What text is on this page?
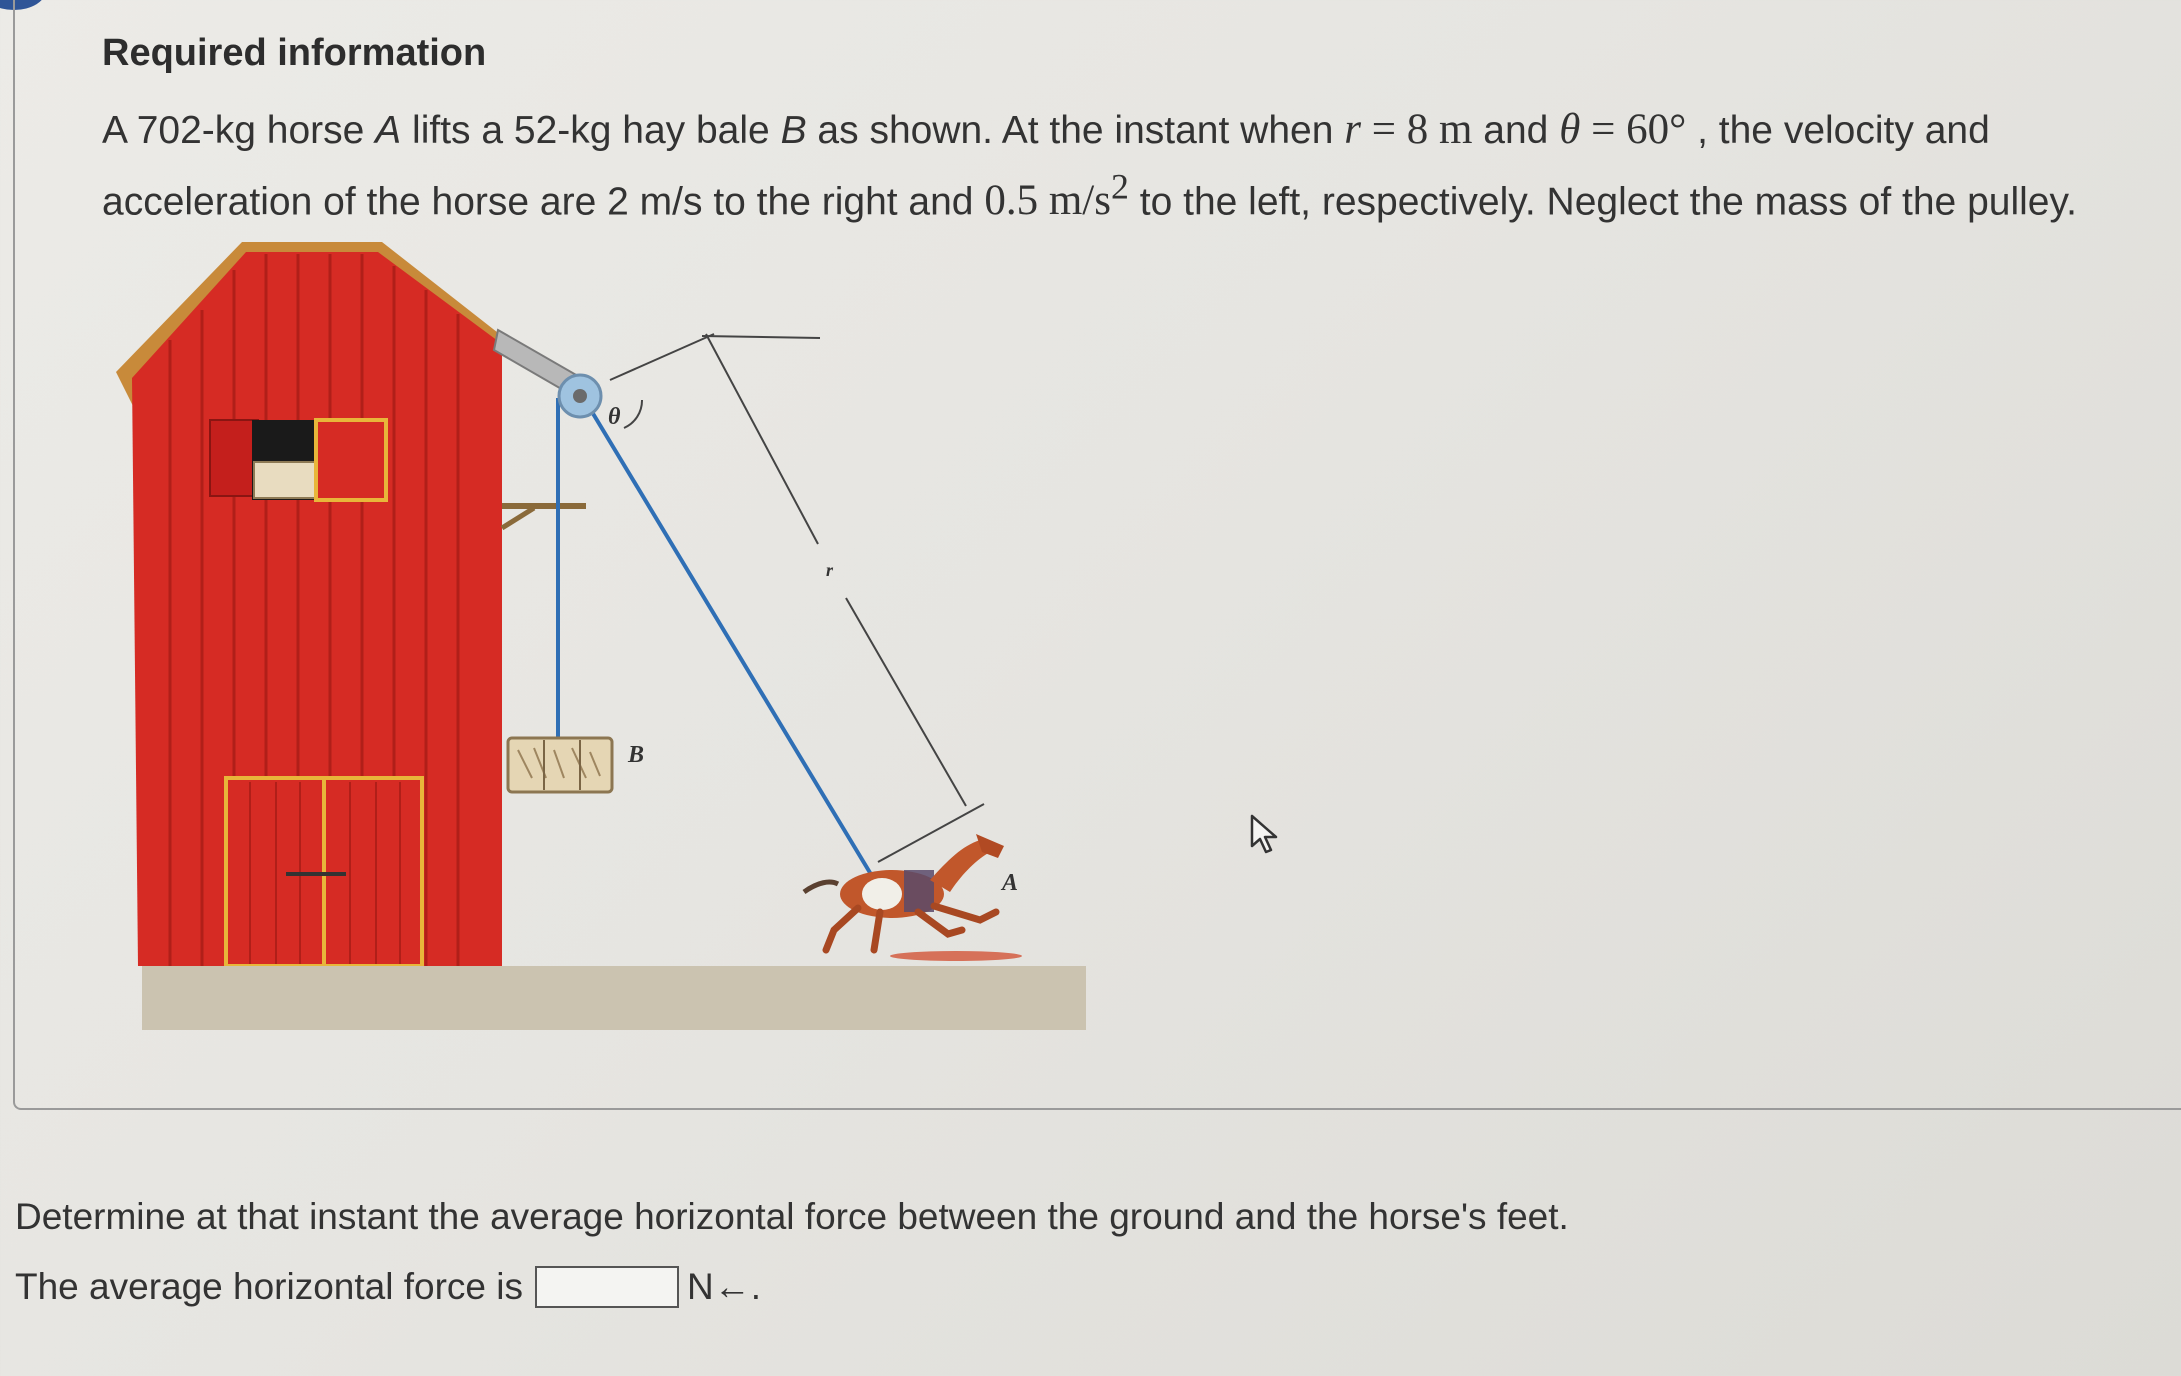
Required information

A 702-kg horse A lifts a 52-kg hay bale B as shown. At the instant when r = 8 m and θ = 60° , the velocity and acceleration of the horse are 2 m/s to the right and 0.5 $m/s^2$ to the left, respectively. Neglect the mass of the pulley.

θ
r
B
A

Determine at that instant the average horizontal force between the ground and the horse's feet.

The average horizontal force is	N←.
